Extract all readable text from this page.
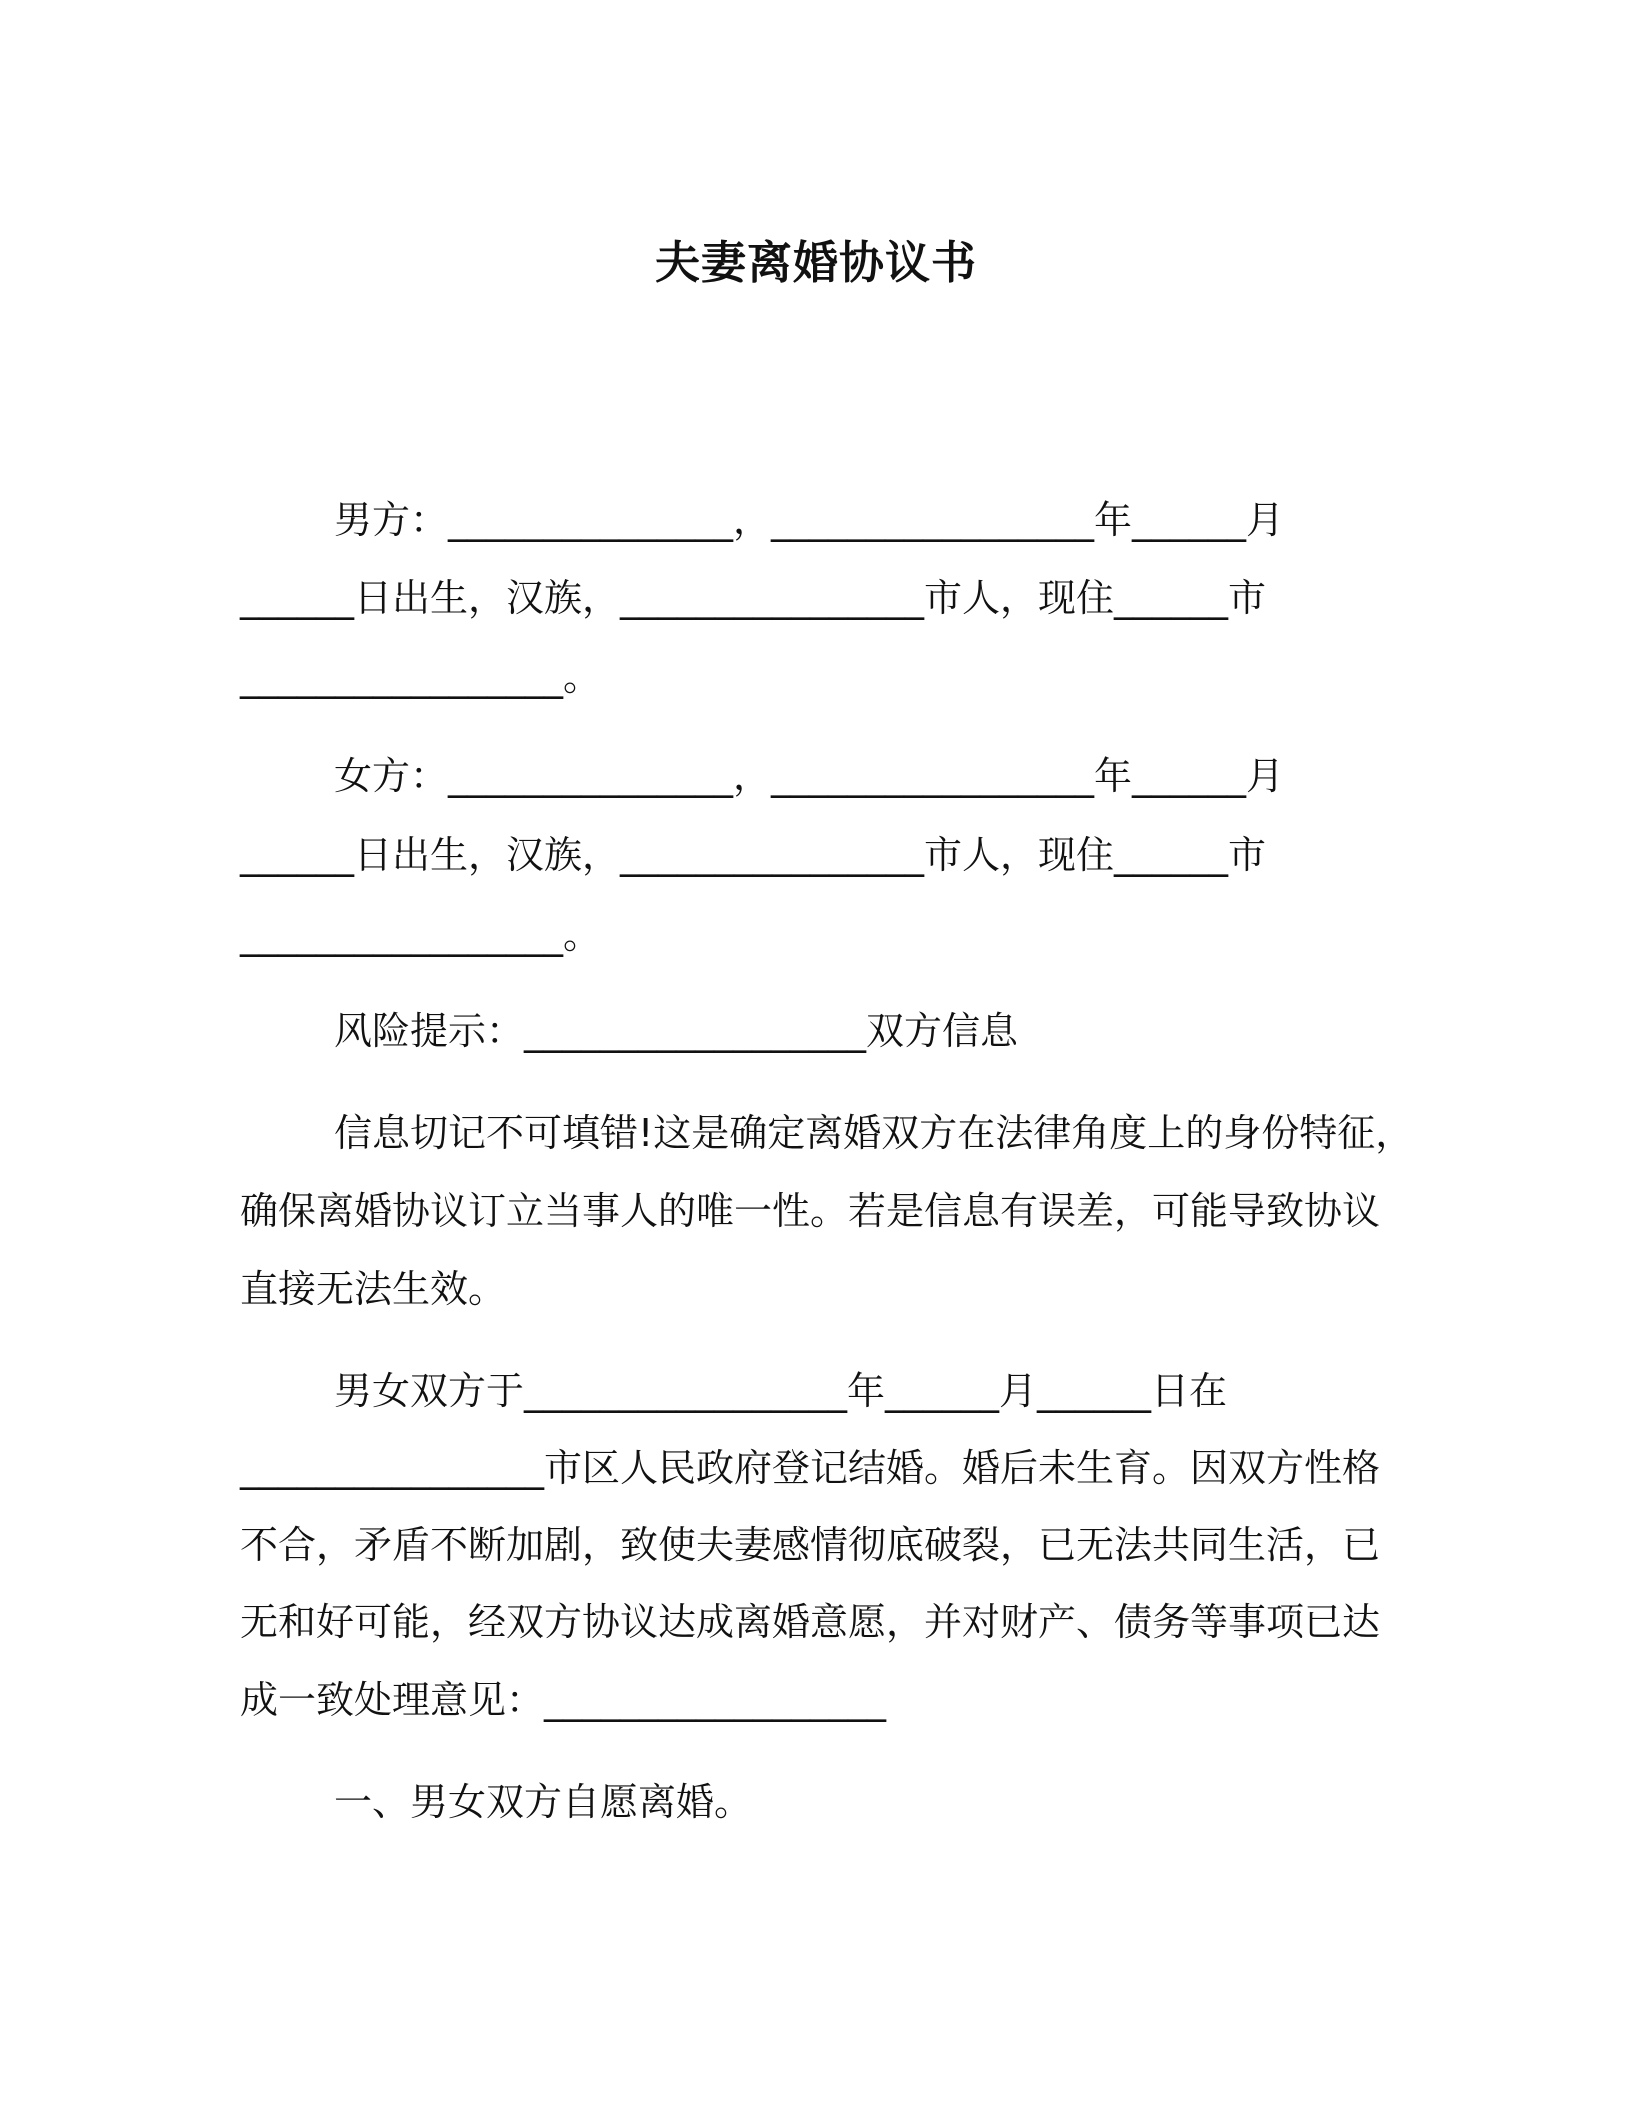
夫妻离婚协议书

男方：_______________，_________________年______月

______日出生，汉族，________________市人，现住______市

_________________。

女方：_______________，_________________年______月

______日出生，汉族，________________市人，现住______市

_________________。

风险提示：__________________双方信息

信息切记不可填错!这是确定离婚双方在法律角度上的身份特征，

确保离婚协议订立当事人的唯一性。若是信息有误差，可能导致协议

直接无法生效。

男女双方于_________________年______月______日在

________________市区人民政府登记结婚。婚后未生育。因双方性格

不合，矛盾不断加剧，致使夫妻感情彻底破裂，已无法共同生活，已

无和好可能，经双方协议达成离婚意愿，并对财产、债务等事项已达

成一致处理意见：__________________

一、男女双方自愿离婚。
